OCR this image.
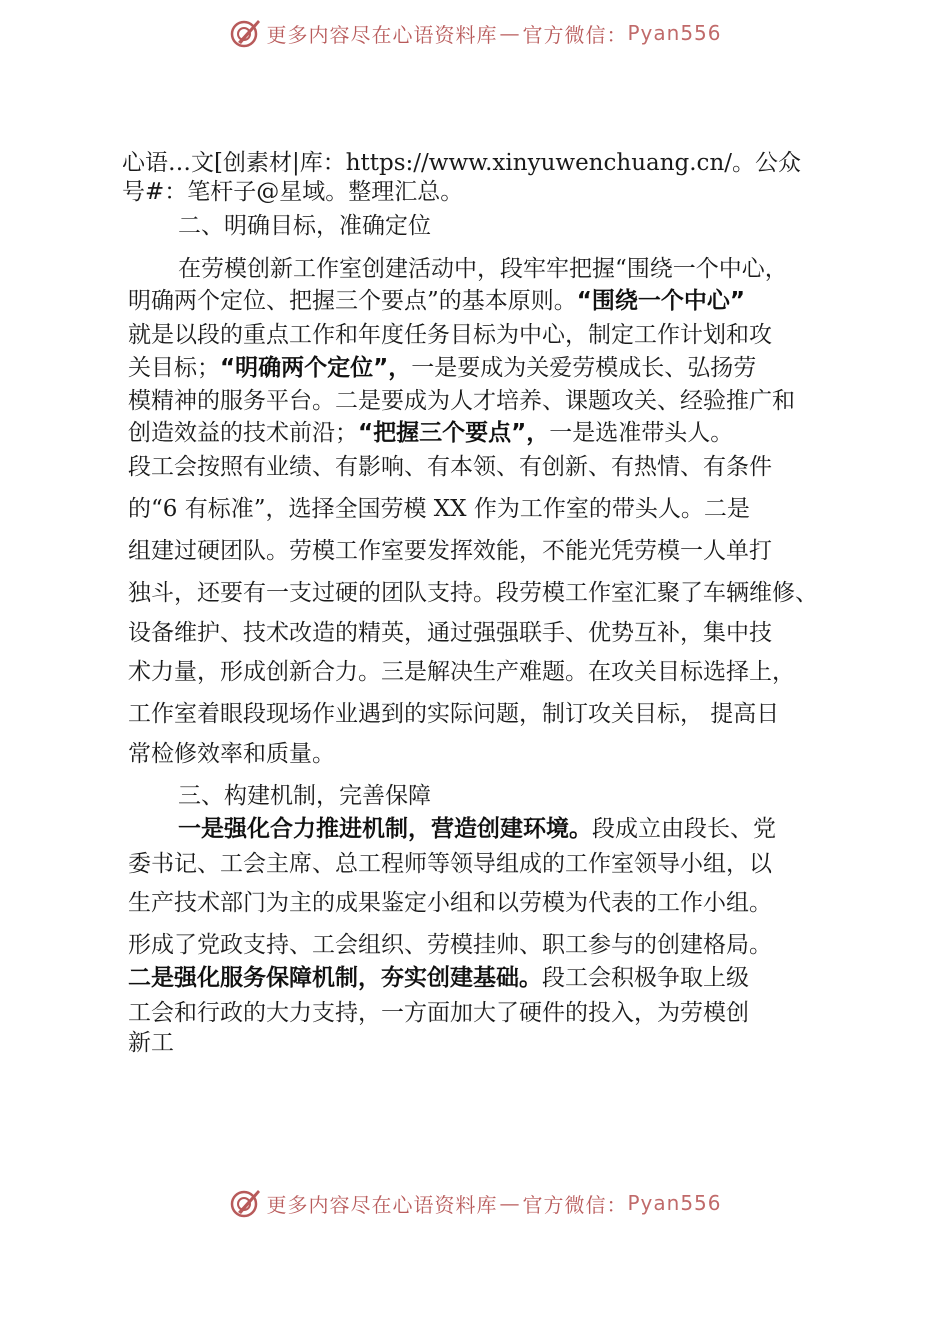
更多内容尽在心语资料库 — 官方微信： Pyan556
心语…文[创素材|库：https://www.xinyuwenchuang.cn/。公众
号#：笔杆子@星域。整理汇总。
二、明确目标，准确定位
在劳模创新工作室创建活动中，段牢牢把握“围绕一个中心，
明确两个定位、把握三个要点”的基本原则。“围绕一个中心”
就是以段的重点工作和年度任务目标为中心，制定工作计划和攻
关目标；“明确两个定位”，一是要成为关爱劳模成长、弘扬劳
模精神的服务平台。二是要成为人才培养、课题攻关、经验推广和
创造效益的技术前沿；“把握三个要点”，一是选准带头人。
段工会按照有业绩、有影响、有本领、有创新、有热情、有条件
的“6 有标准”，选择全国劳模 XX 作为工作室的带头人。二是
组建过硬团队。劳模工作室要发挥效能，不能光凭劳模一人单打
独斗，还要有一支过硬的团队支持。段劳模工作室汇聚了车辆维修、
设备维护、技术改造的精英，通过强强联手、优势互补，集中技
术力量，形成创新合力。三是解决生产难题。在攻关目标选择上，
工作室着眼段现场作业遇到的实际问题，制订攻关目标， 提高日
常检修效率和质量。
三、构建机制，完善保障
一是强化合力推进机制，营造创建环境。段成立由段长、党
委书记、工会主席、总工程师等领导组成的工作室领导小组，以
生产技术部门为主的成果鉴定小组和以劳模为代表的工作小组。
形成了党政支持、工会组织、劳模挂帅、职工参与的创建格局。
二是强化服务保障机制，夯实创建基础。段工会积极争取上级
工会和行政的大力支持，一方面加大了硬件的投入，为劳模创
新工
更多内容尽在心语资料库 — 官方微信： Pyan556
